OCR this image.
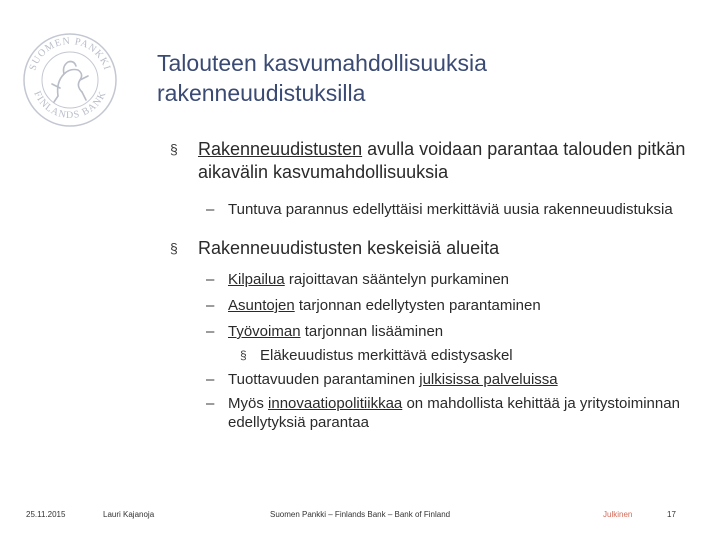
SUOMEN PANKKI
FINLANDS BANK
Talouteen kasvumahdollisuuksia
rakenneuudistuksilla
§ Rakenneuudistusten avulla voidaan parantaa talouden pitkän aikavälin kasvumahdollisuuksia
– Tuntuva parannus edellyttäisi merkittäviä uusia rakenneuudistuksia
§ Rakenneuudistusten keskeisiä alueita
– Kilpailua rajoittavan sääntelyn purkaminen
– Asuntojen tarjonnan edellytysten parantaminen
– Työvoiman tarjonnan lisääminen
§ Eläkeuudistus merkittävä edistysaskel
– Tuottavuuden parantaminen julkisissa palveluissa
– Myös innovaatiopolitiikkaa on mahdollista kehittää ja yritystoiminnan edellytyksiä parantaa
25.11.2015	Lauri Kajanoja	Suomen Pankki – Finlands Bank – Bank of Finland	Julkinen	17
